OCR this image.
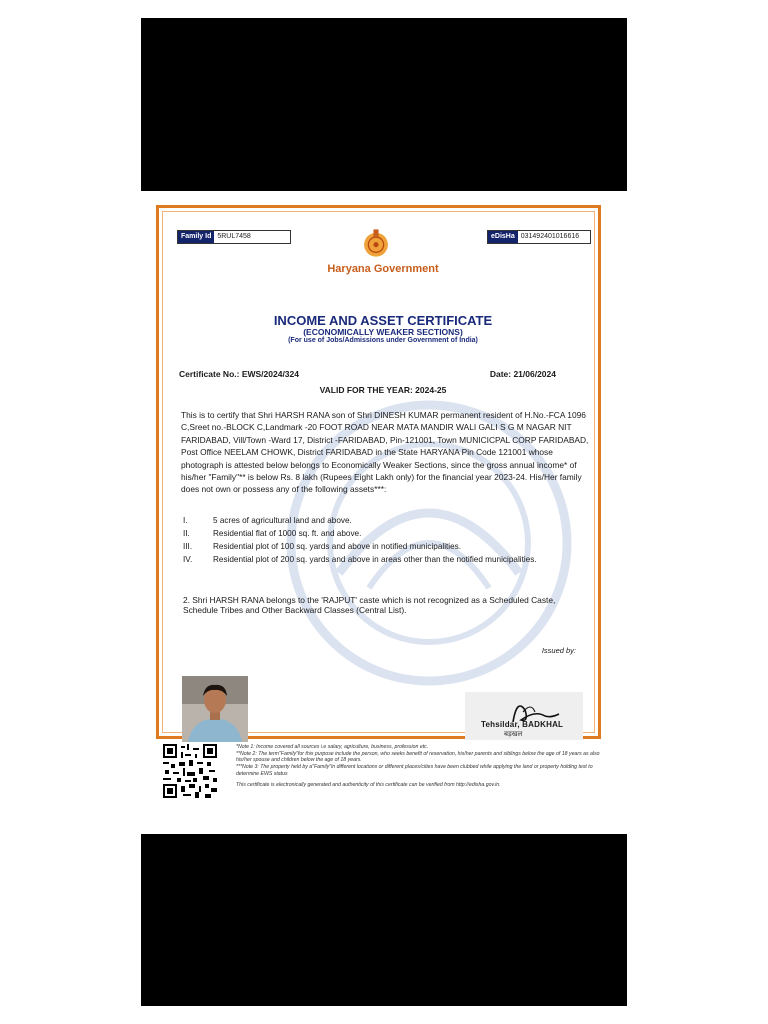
Family Id 5RUL7458	eDisHa 031492401016616
Haryana Government
INCOME AND ASSET CERTIFICATE
(ECONOMICALLY WEAKER SECTIONS)
(For use of Jobs/Admissions under Government of India)
Certificate No.: EWS/2024/324	Date: 21/06/2024
VALID FOR THE YEAR: 2024-25

This is to certify that Shri HARSH RANA son of Shri DINESH KUMAR permanent resident of H.No.-FCA 1096 C,Sreet no.-BLOCK C,Landmark -20 FOOT ROAD NEAR MATA MANDIR WALI GALI S G M NAGAR NIT FARIDABAD, Vill/Town -Ward 17, District -FARIDABAD, Pin-121001, Town MUNICICPAL CORP FARIDABAD, Post Office NEELAM CHOWK, District FARIDABAD in the State HARYANA Pin Code 121001 whose photograph is attested below belongs to Economically Weaker Sections, since the gross annual income* of his/her "Family"** is below Rs. 8 lakh (Rupees Eight Lakh only) for the financial year 2023-24. His/Her family does not own or possess any of the following assets***:

I.	5 acres of agricultural land and above.
II.	Residential flat of 1000 sq. ft. and above.
III.	Residential plot of 100 sq. yards and above in notified municipalities.
IV.	Residential plot of 200 sq. yards and above in areas other than the notified municipalities.

2. Shri HARSH RANA belongs to the 'RAJPUT' caste which is not recognized as a Scheduled Caste, Schedule Tribes and Other Backward Classes (Central List).

Issued by:
Tehsildar, BADKHAL
बड़खल

*Note 1: Income covered all sources i.e salary, agriculture, business, profession etc.

**Note 2: The term"Family"for this purpose include the person, who seeks benefit of reservation, his/her parents and siblings below the age of 18 years as also his/her spouse and children below the age of 18 years.

***Note 3: The property held by a"Family"in different locations or different places/cities have been clubbed while applying the land or property holding test to determine EWS status

This certificate is electronically generated and authenticity of this certificate can be verified from http://edisha.gov.in.
